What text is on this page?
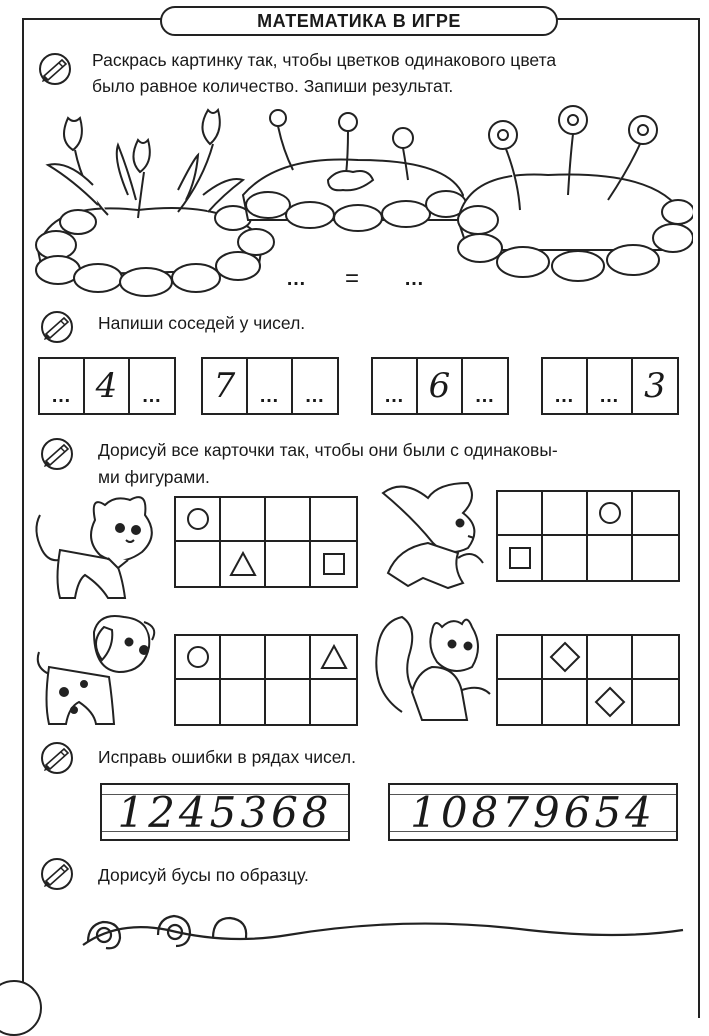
МАТЕМАТИКА В ИГРЕ
Раскрась картинку так, чтобы цветков одинакового цвета
было равное количество. Запиши результат.
… = …
Напиши соседей у чисел.
… 4	…	7	…	…	… 6	…	…	… 3
Дорисуй все карточки так, чтобы они были с одинаковы-
ми фигурами.
Исправь ошибки в рядах чисел.
1245368 10879654
Дорисуй бусы по образцу.
